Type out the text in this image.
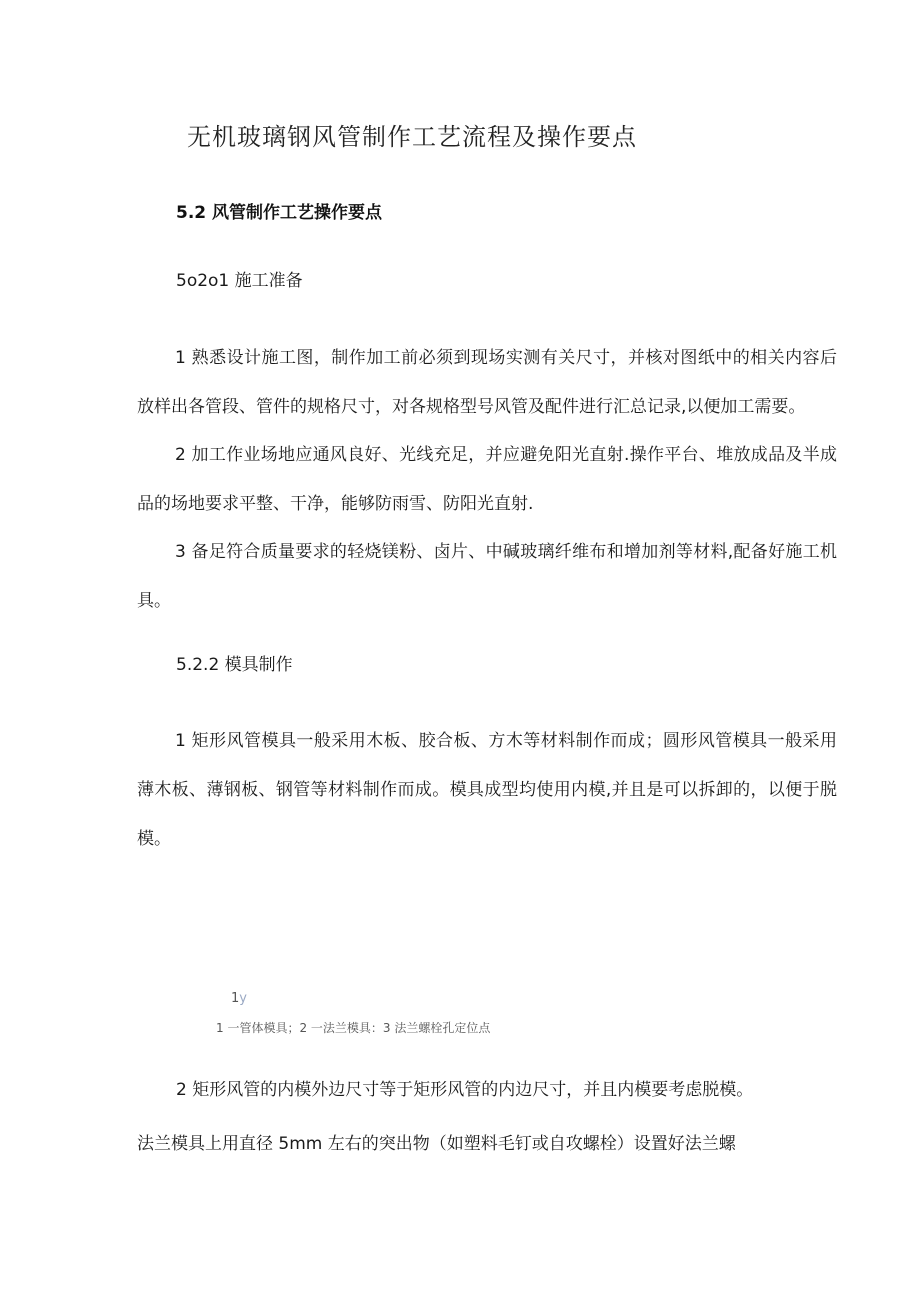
无机玻璃钢风管制作工艺流程及操作要点
5.2 风管制作工艺操作要点
5o2o1 施工准备

1 熟悉设计施工图，制作加工前必须到现场实测有关尺寸，并核对图纸中的相关内容后放样出各管段、管件的规格尺寸，对各规格型号风管及配件进行汇总记录,以便加工需要。

2 加工作业场地应通风良好、光线充足，并应避免阳光直射.操作平台、堆放成品及半成品的场地要求平整、干净，能够防雨雪、防阳光直射.

3 备足符合质量要求的轻烧镁粉、卤片、中碱玻璃纤维布和增加剂等材料,配备好施工机具。

5.2.2 模具制作

1 矩形风管模具一般采用木板、胶合板、方木等材料制作而成；圆形风管模具一般采用薄木板、薄钢板、钢管等材料制作而成。模具成型均使用内模,并且是可以拆卸的，以便于脱模。

1y
1 一管体模具；2 一法兰模具：3 法兰螺栓孔定位点
2 矩形风管的内模外边尺寸等于矩形风管的内边尺寸，并且内模要考虑脱模。
法兰模具上用直径 5mm 左右的突出物（如塑料毛钉或自攻螺栓）设置好法兰螺
